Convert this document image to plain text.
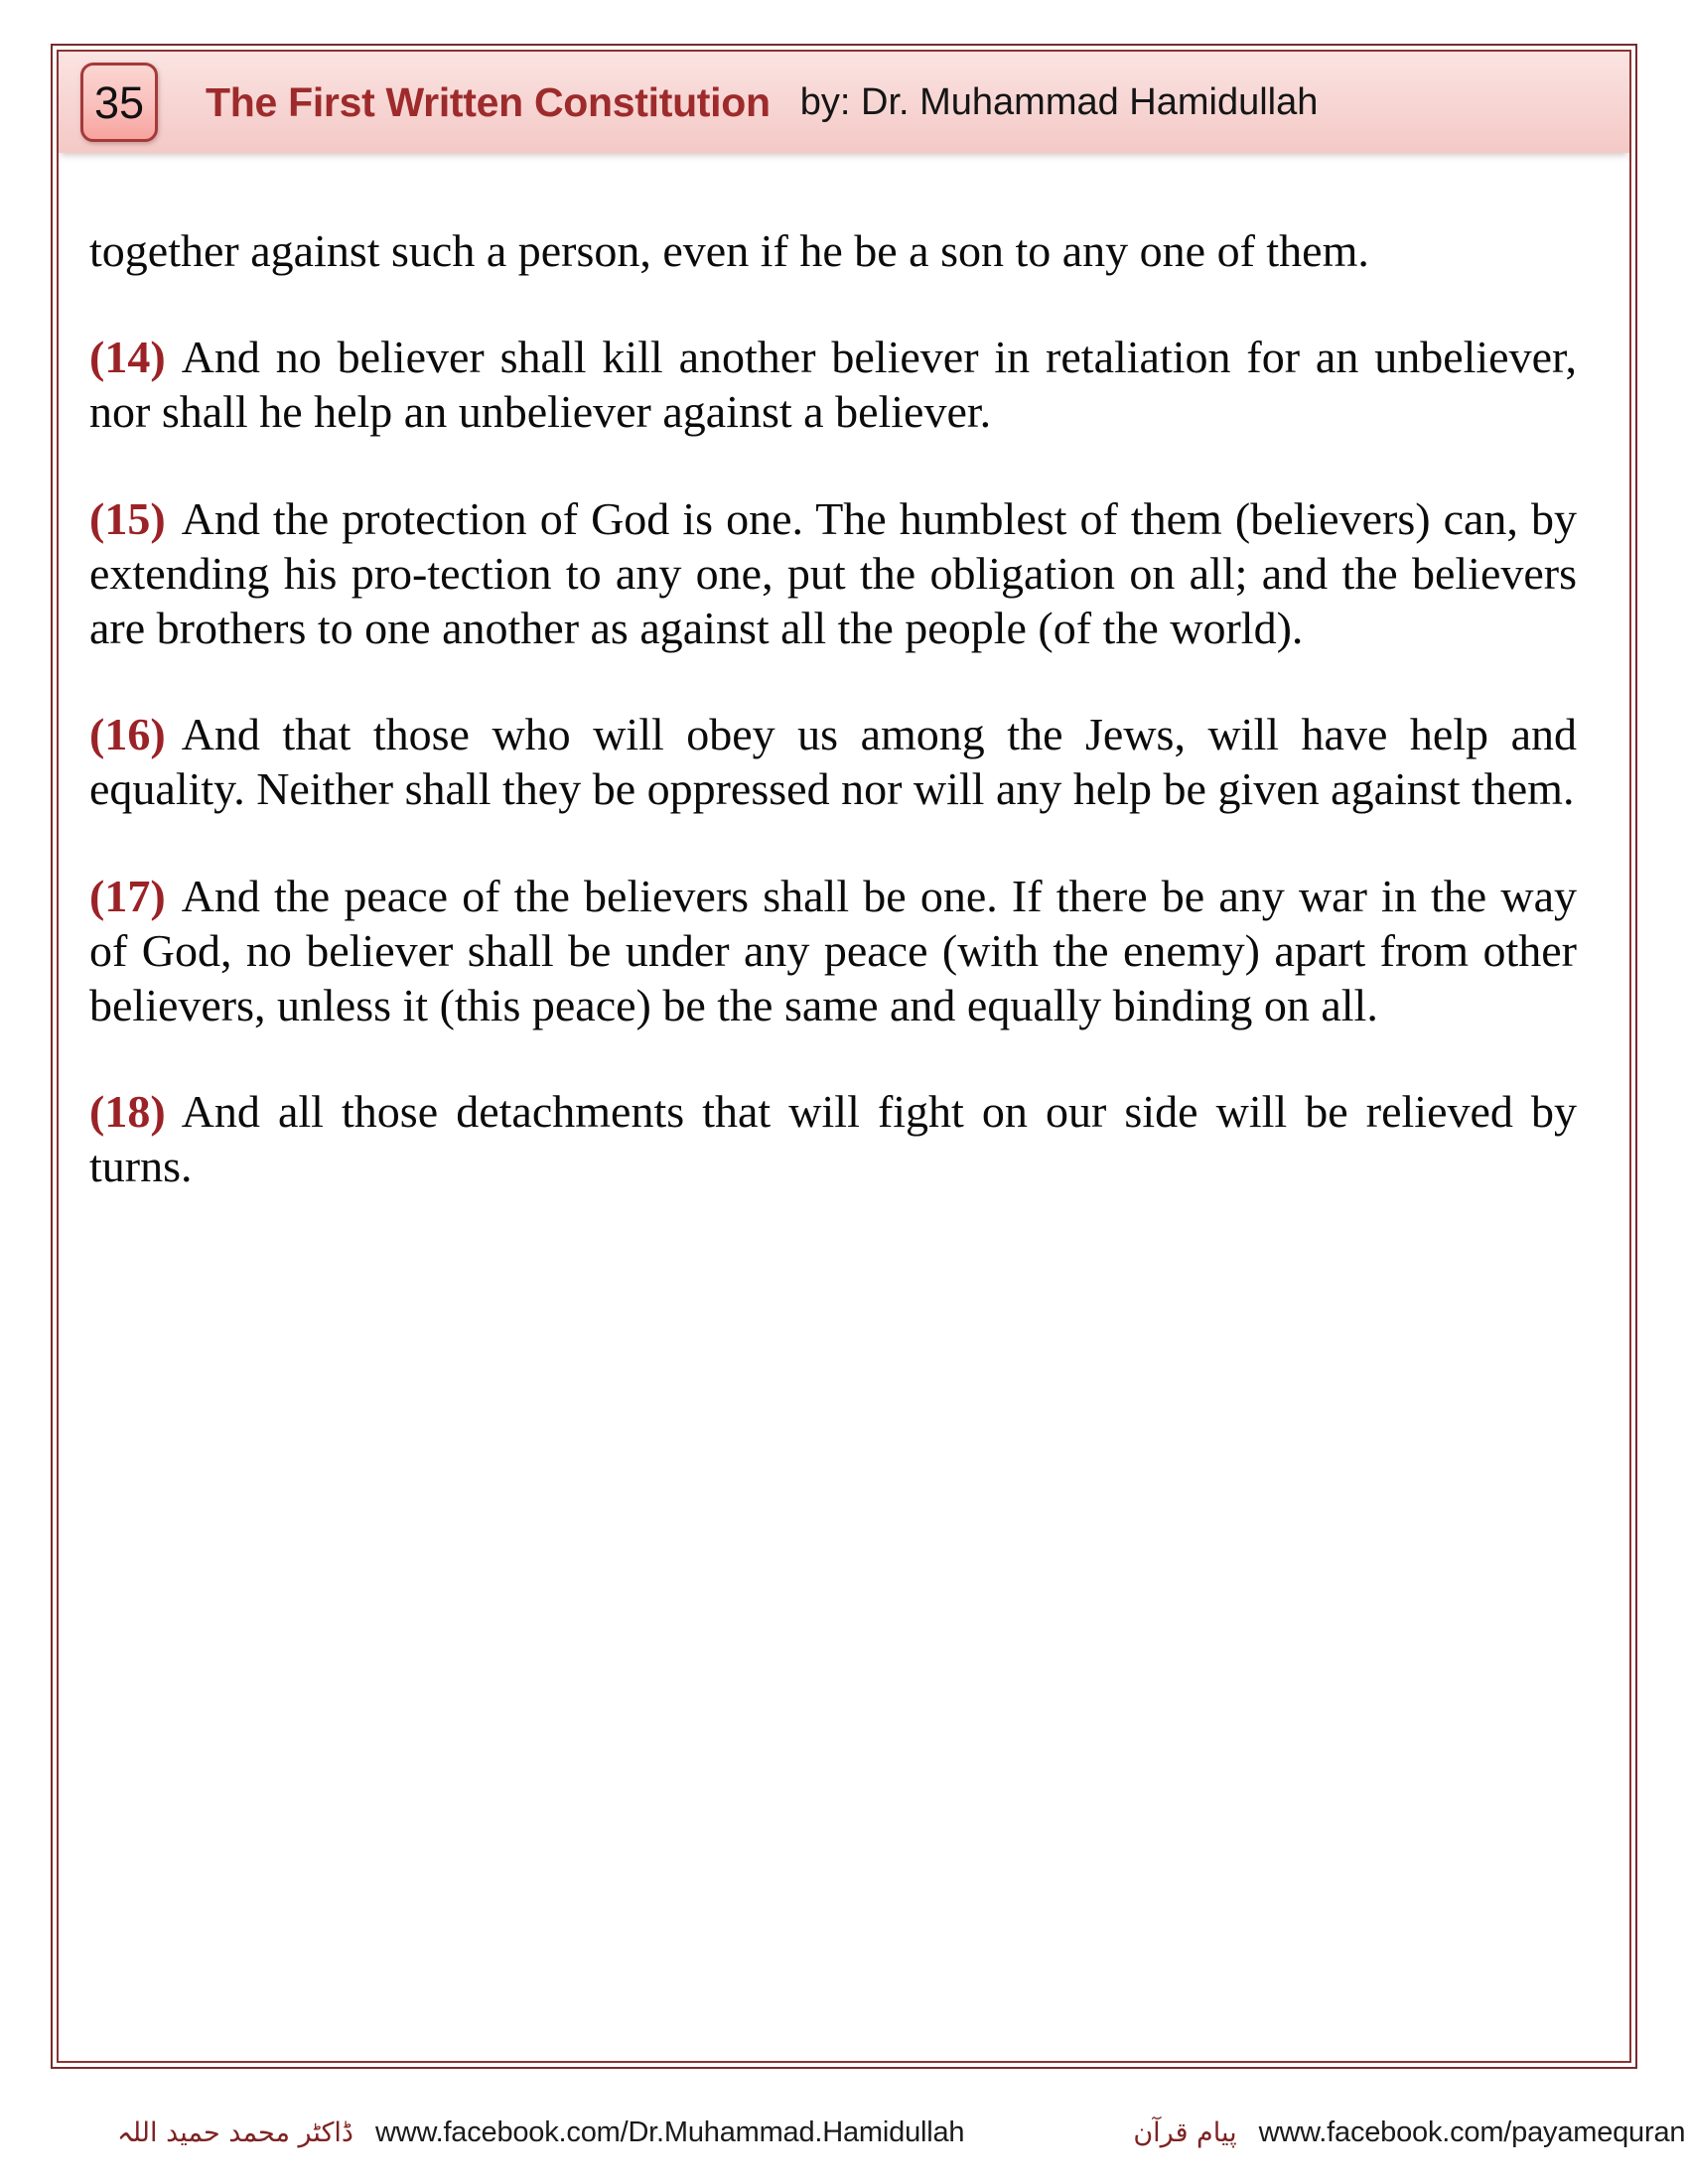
35	The First Written Constitution by: Dr. Muhammad Hamidullah

together against such a person, even if he be a son to any one of them.

(14) And no believer shall kill another believer in retaliation for an unbeliever, nor shall he help an unbeliever against a believer.

(15) And the protection of God is one. The humblest of them (believers) can, by extending his pro-tection to any one, put the obligation on all; and the believers are brothers to one another as against all the people (of the world).

(16) And that those who will obey us among the Jews, will have help and equality. Neither shall they be oppressed nor will any help be given against them.

(17) And the peace of the believers shall be one. If there be any war in the way of God, no believer shall be under any peace (with the enemy) apart from other believers, unless it (this peace) be the same and equally binding on all.

(18) And all those detachments that will fight on our side will be relieved by turns.

ڈاکٹر محمد حمید اللہ www.facebook.com/Dr.Muhammad.Hamidullah	پیام قرآن www.facebook.com/payamequran
